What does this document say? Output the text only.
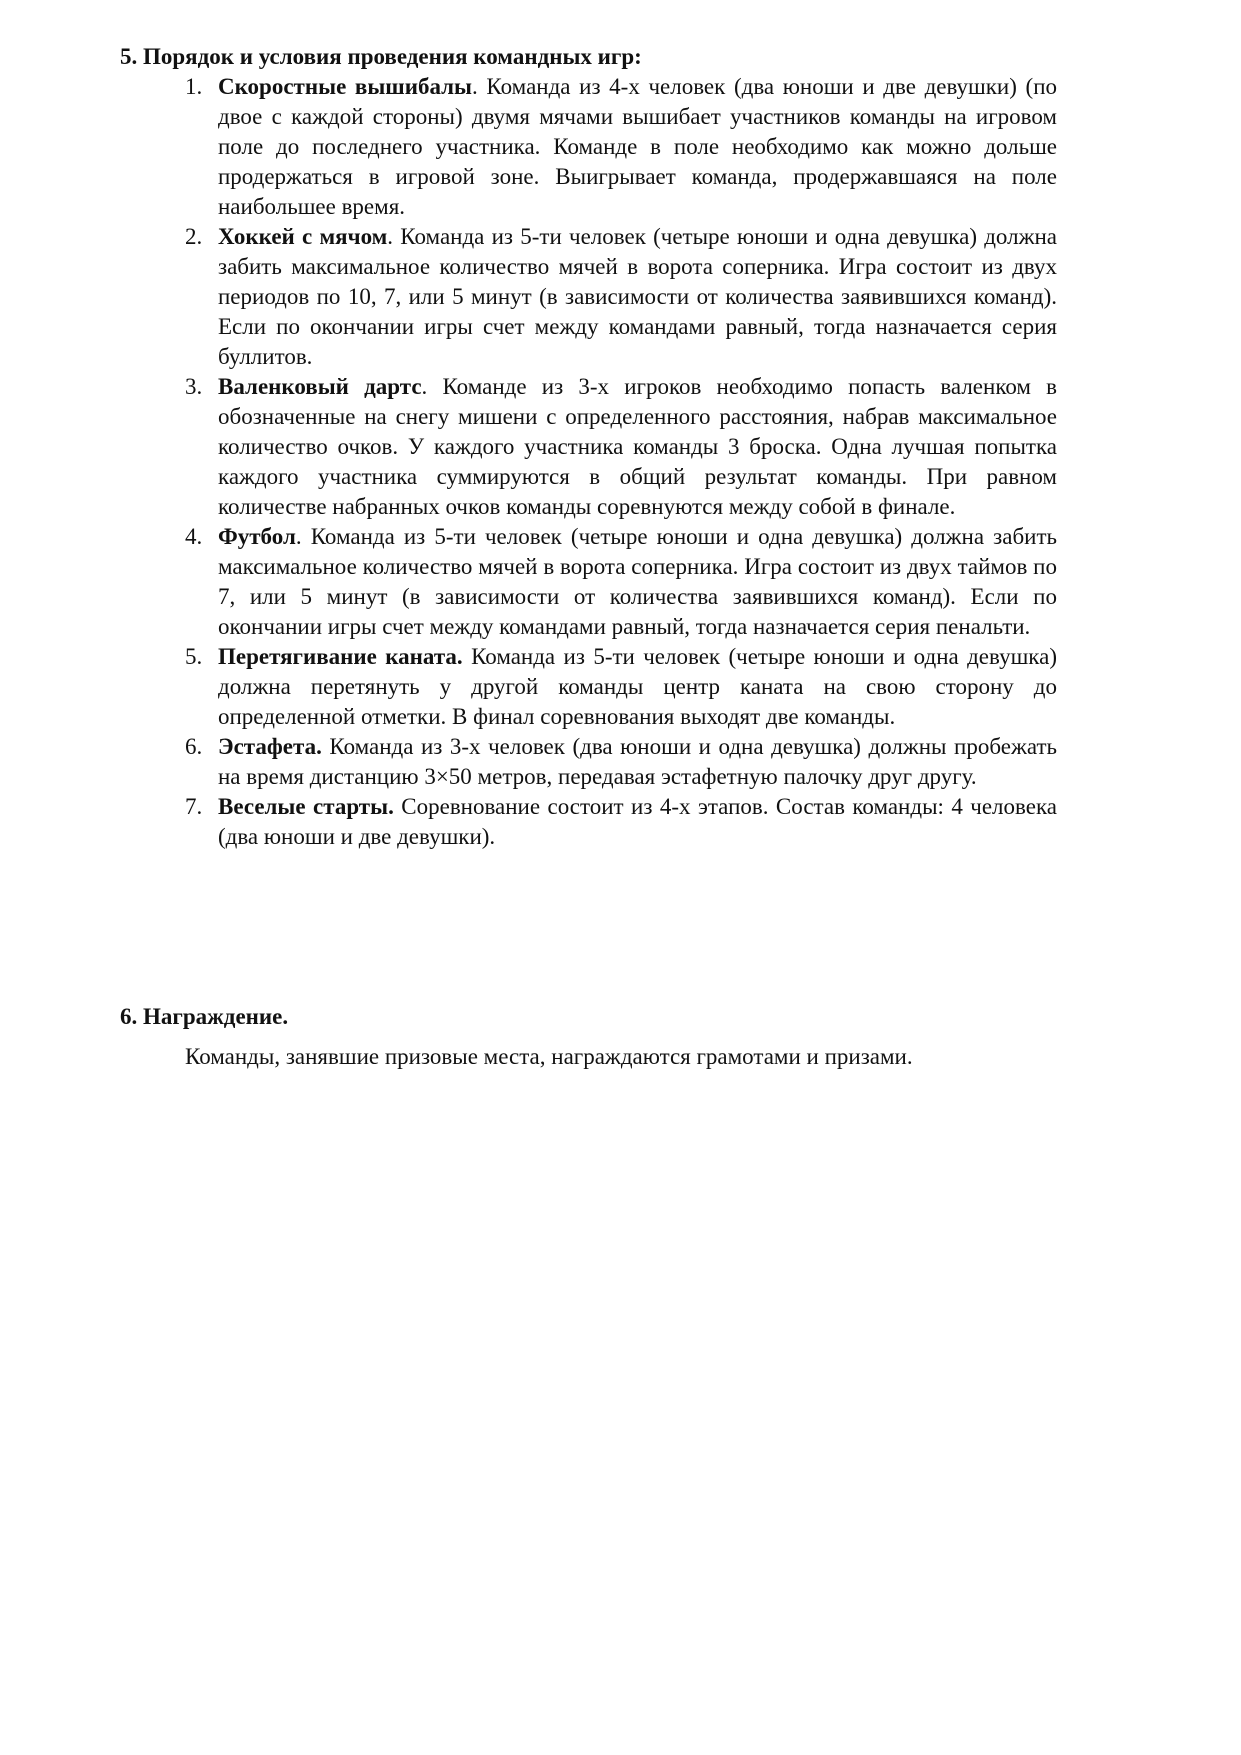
5. Порядок и условия проведения командных игр:

1. Скоростные вышибалы. Команда из 4-х человек (два юноши и две девушки) (по двое с каждой стороны) двумя мячами вышибает участников команды на игровом поле до последнего участника. Команде в поле необходимо как можно дольше продержаться в игровой зоне. Выигрывает команда, продержавшаяся на поле наибольшее время.
2. Хоккей с мячом. Команда из 5-ти человек (четыре юноши и одна девушка) должна забить максимальное количество мячей в ворота соперника. Игра состоит из двух периодов по 10, 7, или 5 минут (в зависимости от количества заявившихся команд). Если по окончании игры счет между командами равный, тогда назначается серия буллитов.
3. Валенковый дартс. Команде из 3-х игроков необходимо попасть валенком в обозначенные на снегу мишени с определенного расстояния, набрав максимальное количество очков. У каждого участника команды 3 броска. Одна лучшая попытка каждого участника суммируются в общий результат команды. При равном количестве набранных очков команды соревнуются между собой в финале.
4. Футбол. Команда из 5-ти человек (четыре юноши и одна девушка) должна забить максимальное количество мячей в ворота соперника. Игра состоит из двух таймов по 7, или 5 минут (в зависимости от количества заявившихся команд). Если по окончании игры счет между командами равный, тогда назначается серия пенальти.
5. Перетягивание каната. Команда из 5-ти человек (четыре юноши и одна девушка) должна перетянуть у другой команды центр каната на свою сторону до определенной отметки. В финал соревнования выходят две команды.
6. Эстафета. Команда из 3-х человек (два юноши и одна девушка) должны пробежать на время дистанцию 3×50 метров, передавая эстафетную палочку друг другу.
7. Веселые старты. Соревнование состоит из 4-х этапов. Состав команды: 4 человека (два юноши и две девушки).

6. Награждение.

Команды, занявшие призовые места, награждаются грамотами и призами.
